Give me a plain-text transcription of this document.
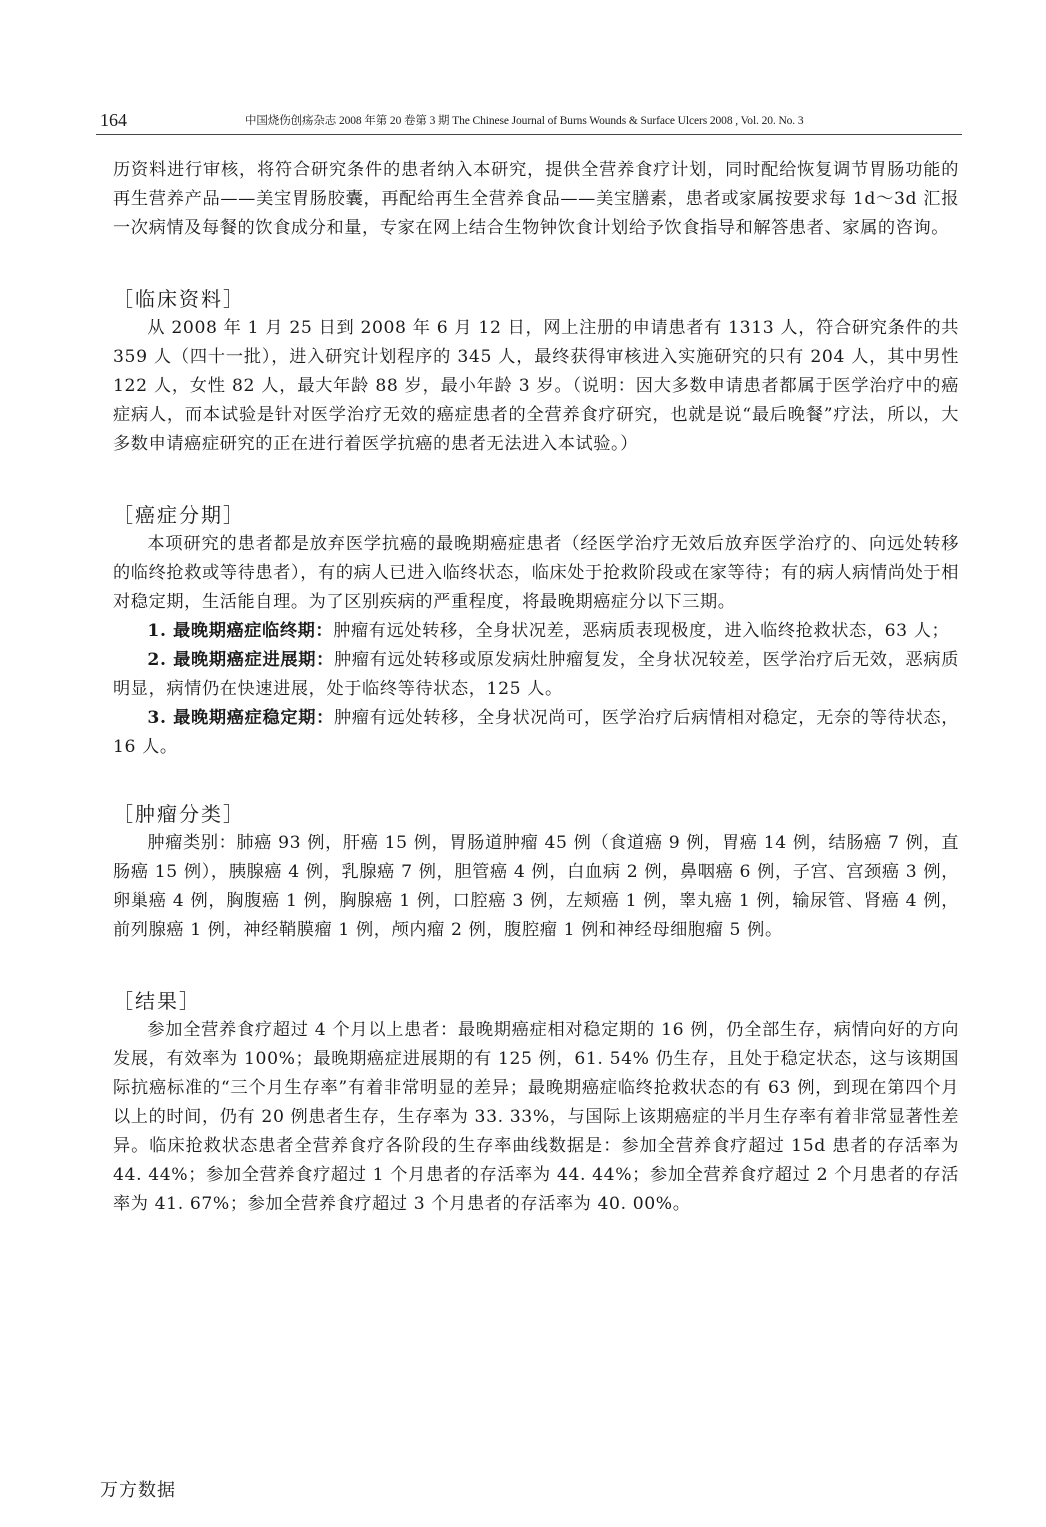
164	中国烧伤创疡杂志 2008 年第 20 卷第 3 期 The Chinese Journal of Burns Wounds & Surface Ulcers 2008 , Vol. 20. No. 3

历资料进行审核，将符合研究条件的患者纳入本研究，提供全营养食疗计划，同时配给恢复调节胃肠功能的再生营养产品——美宝胃肠胶囊，再配给再生全营养食品——美宝膳素，患者或家属按要求每 1d～3d 汇报一次病情及每餐的饮食成分和量，专家在网上结合生物钟饮食计划给予饮食指导和解答患者、家属的咨询。

［临床资料］

从 2008 年 1 月 25 日到 2008 年 6 月 12 日，网上注册的申请患者有 1313 人，符合研究条件的共 359 人（四十一批），进入研究计划程序的 345 人，最终获得审核进入实施研究的只有 204 人，其中男性 122 人，女性 82 人，最大年龄 88 岁，最小年龄 3 岁。（说明：因大多数申请患者都属于医学治疗中的癌症病人，而本试验是针对医学治疗无效的癌症患者的全营养食疗研究，也就是说“最后晚餐”疗法，所以，大多数申请癌症研究的正在进行着医学抗癌的患者无法进入本试验。）

［癌症分期］

本项研究的患者都是放弃医学抗癌的最晚期癌症患者（经医学治疗无效后放弃医学治疗的、向远处转移的临终抢救或等待患者），有的病人已进入临终状态，临床处于抢救阶段或在家等待；有的病人病情尚处于相对稳定期，生活能自理。为了区别疾病的严重程度，将最晚期癌症分以下三期。

1. 最晚期癌症临终期：肿瘤有远处转移，全身状况差，恶病质表现极度，进入临终抢救状态，63 人；

2. 最晚期癌症进展期：肿瘤有远处转移或原发病灶肿瘤复发，全身状况较差，医学治疗后无效，恶病质明显，病情仍在快速进展，处于临终等待状态，125 人。

3. 最晚期癌症稳定期：肿瘤有远处转移，全身状况尚可，医学治疗后病情相对稳定，无奈的等待状态，16 人。

［肿瘤分类］

肿瘤类别：肺癌 93 例，肝癌 15 例，胃肠道肿瘤 45 例（食道癌 9 例，胃癌 14 例，结肠癌 7 例，直肠癌 15 例），胰腺癌 4 例，乳腺癌 7 例，胆管癌 4 例，白血病 2 例，鼻咽癌 6 例，子宫、宫颈癌 3 例，卵巢癌 4 例，胸腹癌 1 例，胸腺癌 1 例，口腔癌 3 例，左颊癌 1 例，睾丸癌 1 例，输尿管、肾癌 4 例，前列腺癌 1 例，神经鞘膜瘤 1 例，颅内瘤 2 例，腹腔瘤 1 例和神经母细胞瘤 5 例。

［结果］

参加全营养食疗超过 4 个月以上患者：最晚期癌症相对稳定期的 16 例，仍全部生存，病情向好的方向发展，有效率为 100%；最晚期癌症进展期的有 125 例，61. 54% 仍生存，且处于稳定状态，这与该期国际抗癌标准的“三个月生存率”有着非常明显的差异；最晚期癌症临终抢救状态的有 63 例，到现在第四个月以上的时间，仍有 20 例患者生存，生存率为 33. 33%，与国际上该期癌症的半月生存率有着非常显著性差异。临床抢救状态患者全营养食疗各阶段的生存率曲线数据是：参加全营养食疗超过 15d 患者的存活率为 44. 44%；参加全营养食疗超过 1 个月患者的存活率为 44. 44%；参加全营养食疗超过 2 个月患者的存活率为 41. 67%；参加全营养食疗超过 3 个月患者的存活率为 40. 00%。

万方数据
